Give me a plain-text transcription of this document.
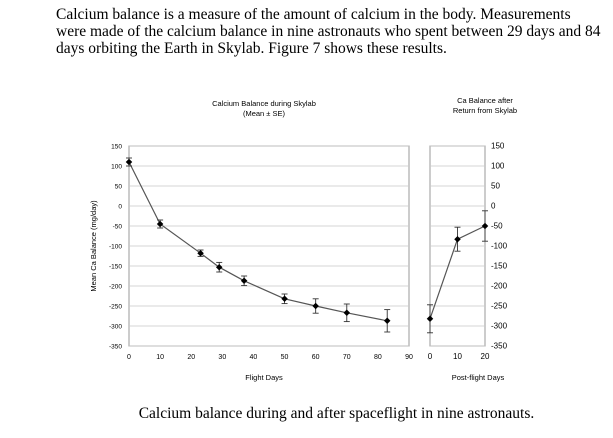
Calcium balance is a measure of the amount of calcium in the body. Measurements were made of the calcium balance in nine astronauts who spent between 29 days and 84 days orbiting the Earth in Skylab. Figure 7 shows these results.
150
100
50
0
-50
-100
-150
-200
-250
-300
-350
0	10	20	30	40	50	60	70	80	90
Calcium Balance during Skylab
(Mean ± SE)
Flight Days
Mean Ca Balance (mg/day)
150
100
50
0
-50
-100
-150
-200
-250
-300
-350
0	10 20
Ca Balance after
Return from Skylab
Post-flight Days
Calcium balance during and after spaceflight in nine astronauts.
